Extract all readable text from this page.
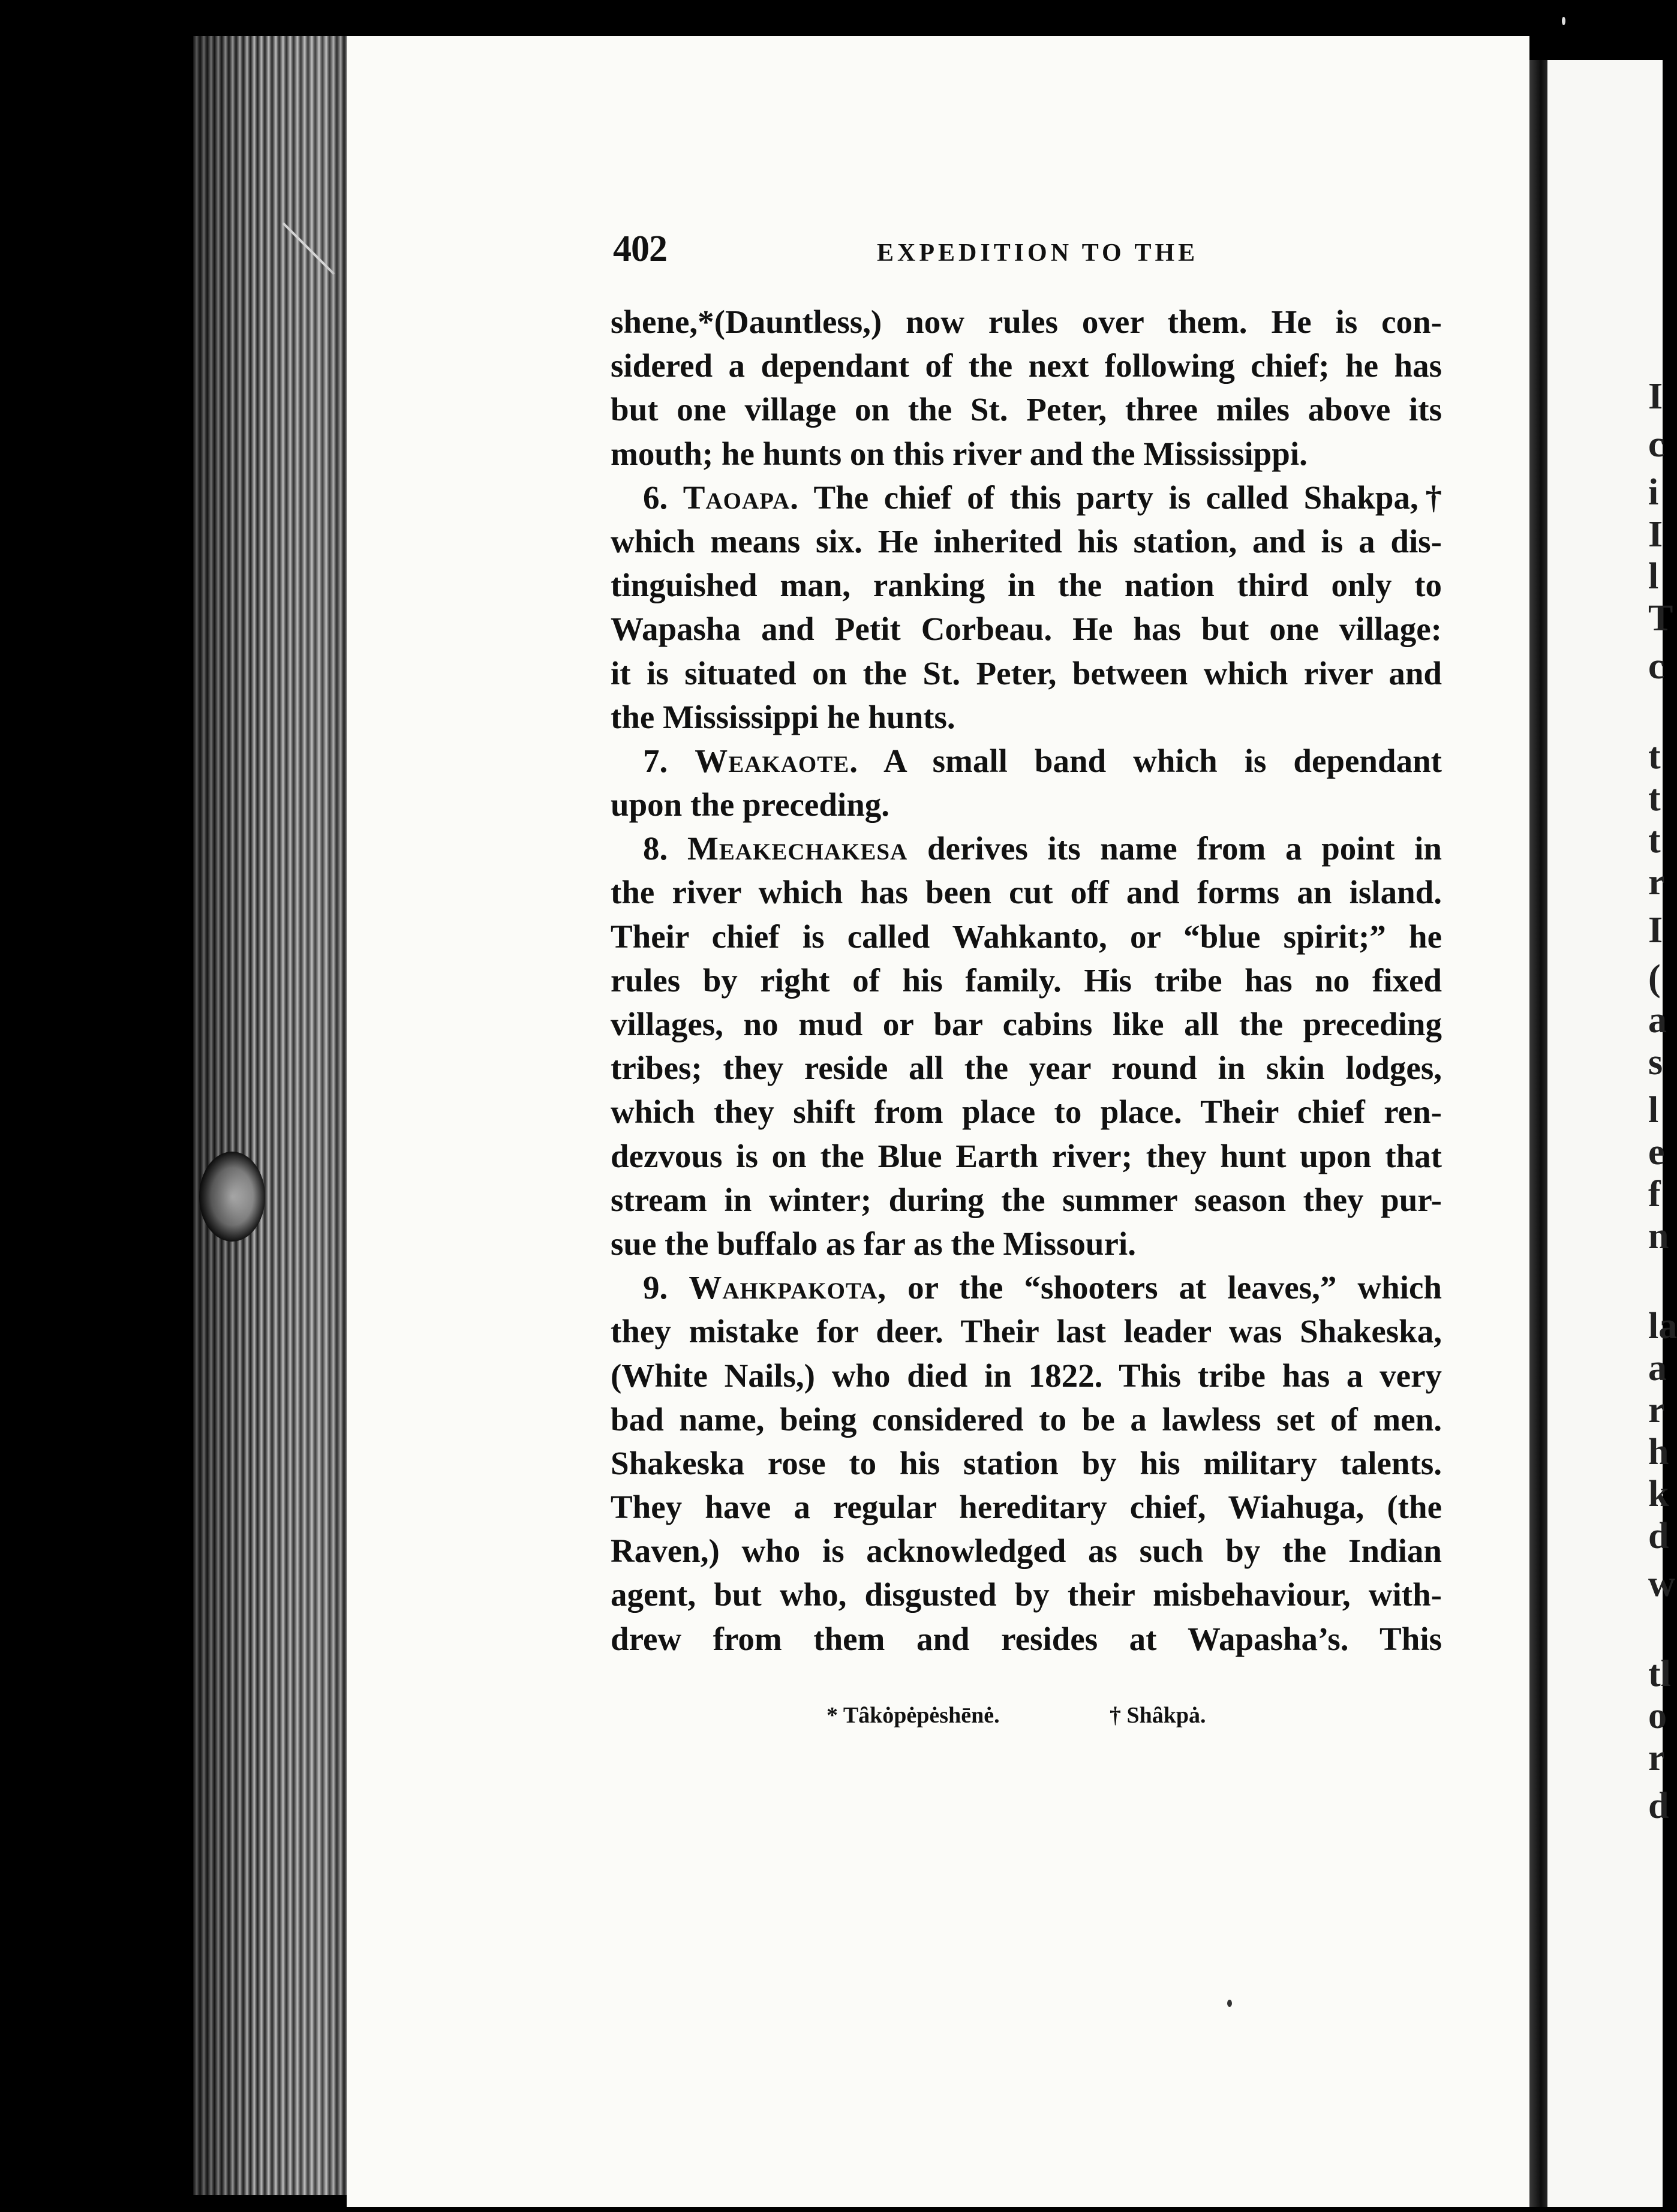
I
c
i
I
l
T
c
t
t
t
r
I
(
a
s
l
e
f
n
la
a
r
h
k
d
w
tl
o
r
d
402	EXPEDITION TO THE
shene,*(Dauntless,) now rules over them. He is con-
sidered a dependant of the next following chief; he has
but one village on the St. Peter, three miles above its
mouth; he hunts on this river and the Mississippi.
6. Taoapa. The chief of this party is called Shakpa,†
which means six. He inherited his station, and is a dis-
tinguished man, ranking in the nation third only to
Wapasha and Petit Corbeau. He has but one village:
it is situated on the St. Peter, between which river and
the Mississippi he hunts.
7. Weakaote. A small band which is dependant
upon the preceding.
8. Meakechakesa derives its name from a point in
the river which has been cut off and forms an island.
Their chief is called Wahkanto, or “blue spirit;” he
rules by right of his family. His tribe has no fixed
villages, no mud or bar cabins like all the preceding
tribes; they reside all the year round in skin lodges,
which they shift from place to place. Their chief ren-
dezvous is on the Blue Earth river; they hunt upon that
stream in winter; during the summer season they pur-
sue the buffalo as far as the Missouri.
9. Wahkpakota, or the “shooters at leaves,” which
they mistake for deer. Their last leader was Shakeska,
(White Nails,) who died in 1822. This tribe has a very
bad name, being considered to be a lawless set of men.
Shakeska rose to his station by his military talents.
They have a regular hereditary chief, Wiahuga, (the
Raven,) who is acknowledged as such by the Indian
agent, but who, disgusted by their misbehaviour, with-
drew from them and resides at Wapasha’s. This
* Tȃkȯpėpėshēnė.	† Shȃkpȧ.
